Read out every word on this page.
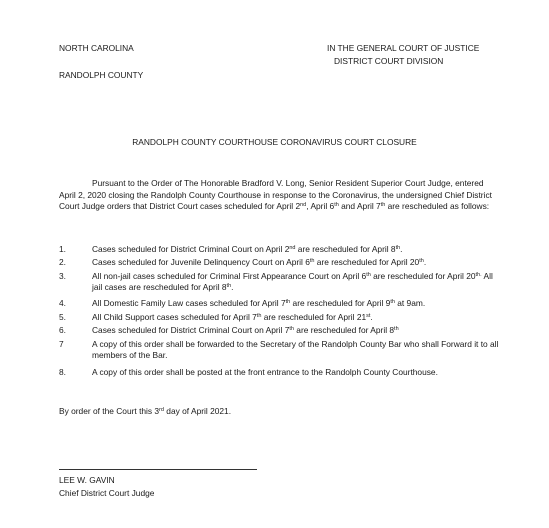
NORTH CAROLINA
RANDOLPH COUNTY
IN THE GENERAL COURT OF JUSTICE
DISTRICT COURT DIVISION
RANDOLPH COUNTY COURTHOUSE CORONAVIRUS COURT CLOSURE
Pursuant to the Order of The Honorable Bradford V. Long, Senior Resident Superior Court Judge, entered April 2, 2020 closing the Randolph County Courthouse in response to the Coronavirus, the undersigned Chief District Court Judge orders that District Court cases scheduled for April 2nd, April 6th and April 7th are rescheduled as follows:
1.	Cases scheduled for District Criminal Court on April 2nd are rescheduled for April 8th.
2.	Cases scheduled for Juvenile Delinquency Court on April 6th are rescheduled for April 20th.
3.	All non-jail cases scheduled for Criminal First Appearance Court on April 6th are rescheduled for April $20^{th.}$ All jail cases are rescheduled for April 8th.
4.	All Domestic Family Law cases scheduled for April 7th are rescheduled for April 9th at 9am.
5.	All Child Support cases scheduled for April 7th are rescheduled for April 21st.
6.	Cases scheduled for District Criminal Court on April 7th are rescheduled for April 8th
7	A copy of this order shall be forwarded to the Secretary of the Randolph County Bar who shall Forward it to all members of the Bar.
8.	A copy of this order shall be posted at the front entrance to the Randolph County Courthouse.
By order of the Court this 3rd day of April 2021.
LEE W. GAVIN
Chief District Court Judge
